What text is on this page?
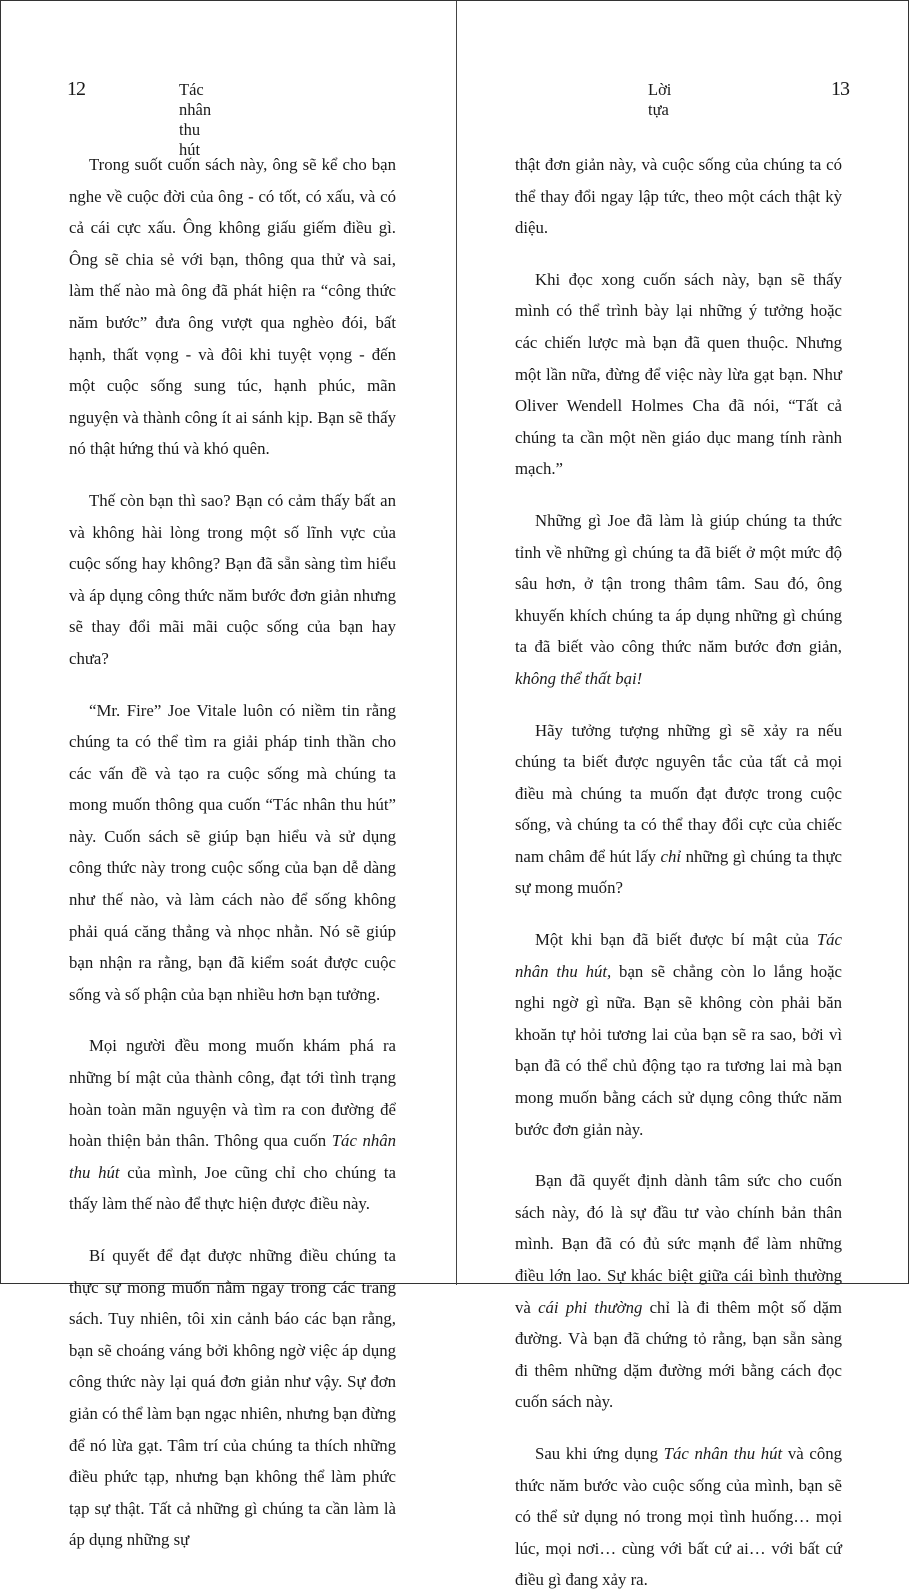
12	Tác nhân thu hút

Trong suốt cuốn sách này, ông sẽ kể cho bạn nghe về cuộc đời của ông - có tốt, có xấu, và có cả cái cực xấu. Ông không giấu giếm điều gì. Ông sẽ chia sẻ với bạn, thông qua thử và sai, làm thế nào mà ông đã phát hiện ra “công thức năm bước” đưa ông vượt qua nghèo đói, bất hạnh, thất vọng - và đôi khi tuyệt vọng - đến một cuộc sống sung túc, hạnh phúc, mãn nguyện và thành công ít ai sánh kịp. Bạn sẽ thấy nó thật hứng thú và khó quên.

Thế còn bạn thì sao? Bạn có cảm thấy bất an và không hài lòng trong một số lĩnh vực của cuộc sống hay không? Bạn đã sẵn sàng tìm hiểu và áp dụng công thức năm bước đơn giản nhưng sẽ thay đổi mãi mãi cuộc sống của bạn hay chưa?

“Mr. Fire” Joe Vitale luôn có niềm tin rằng chúng ta có thể tìm ra giải pháp tinh thần cho các vấn đề và tạo ra cuộc sống mà chúng ta mong muốn thông qua cuốn “Tác nhân thu hút” này. Cuốn sách sẽ giúp bạn hiểu và sử dụng công thức này trong cuộc sống của bạn dễ dàng như thế nào, và làm cách nào để sống không phải quá căng thẳng và nhọc nhằn. Nó sẽ giúp bạn nhận ra rằng, bạn đã kiểm soát được cuộc sống và số phận của bạn nhiều hơn bạn tưởng.

Mọi người đều mong muốn khám phá ra những bí mật của thành công, đạt tới tình trạng hoàn toàn mãn nguyện và tìm ra con đường để hoàn thiện bản thân. Thông qua cuốn Tác nhân thu hút của mình, Joe cũng chỉ cho chúng ta thấy làm thế nào để thực hiện được điều này.

Bí quyết để đạt được những điều chúng ta thực sự mong muốn nằm ngay trong các trang sách. Tuy nhiên, tôi xin cảnh báo các bạn rằng, bạn sẽ choáng váng bởi không ngờ việc áp dụng công thức này lại quá đơn giản như vậy. Sự đơn giản có thể làm bạn ngạc nhiên, nhưng bạn đừng để nó lừa gạt. Tâm trí của chúng ta thích những điều phức tạp, nhưng bạn không thể làm phức tạp sự thật. Tất cả những gì chúng ta cần làm là áp dụng những sự

Lời tựa
13

thật đơn giản này, và cuộc sống của chúng ta có thể thay đổi ngay lập tức, theo một cách thật kỳ diệu.

Khi đọc xong cuốn sách này, bạn sẽ thấy mình có thể trình bày lại những ý tưởng hoặc các chiến lược mà bạn đã quen thuộc. Nhưng một lần nữa, đừng để việc này lừa gạt bạn. Như Oliver Wendell Holmes Cha đã nói, “Tất cả chúng ta cần một nền giáo dục mang tính rành mạch.”

Những gì Joe đã làm là giúp chúng ta thức tỉnh về những gì chúng ta đã biết ở một mức độ sâu hơn, ở tận trong thâm tâm. Sau đó, ông khuyến khích chúng ta áp dụng những gì chúng ta đã biết vào công thức năm bước đơn giản, không thể thất bại!

Hãy tưởng tượng những gì sẽ xảy ra nếu chúng ta biết được nguyên tắc của tất cả mọi điều mà chúng ta muốn đạt được trong cuộc sống, và chúng ta có thể thay đổi cực của chiếc nam châm để hút lấy chỉ những gì chúng ta thực sự mong muốn?

Một khi bạn đã biết được bí mật của Tác nhân thu hút, bạn sẽ chẳng còn lo lắng hoặc nghi ngờ gì nữa. Bạn sẽ không còn phải băn khoăn tự hỏi tương lai của bạn sẽ ra sao, bởi vì bạn đã có thể chủ động tạo ra tương lai mà bạn mong muốn bằng cách sử dụng công thức năm bước đơn giản này.

Bạn đã quyết định dành tâm sức cho cuốn sách này, đó là sự đầu tư vào chính bản thân mình. Bạn đã có đủ sức mạnh để làm những điều lớn lao. Sự khác biệt giữa cái bình thường và cái phi thường chỉ là đi thêm một số dặm đường. Và bạn đã chứng tỏ rằng, bạn sẵn sàng đi thêm những dặm đường mới bằng cách đọc cuốn sách này.

Sau khi ứng dụng Tác nhân thu hút và công thức năm bước vào cuộc sống của mình, bạn sẽ có thể sử dụng nó trong mọi tình huống… mọi lúc, mọi nơi… cùng với bất cứ ai… với bất cứ điều gì đang xảy ra.
